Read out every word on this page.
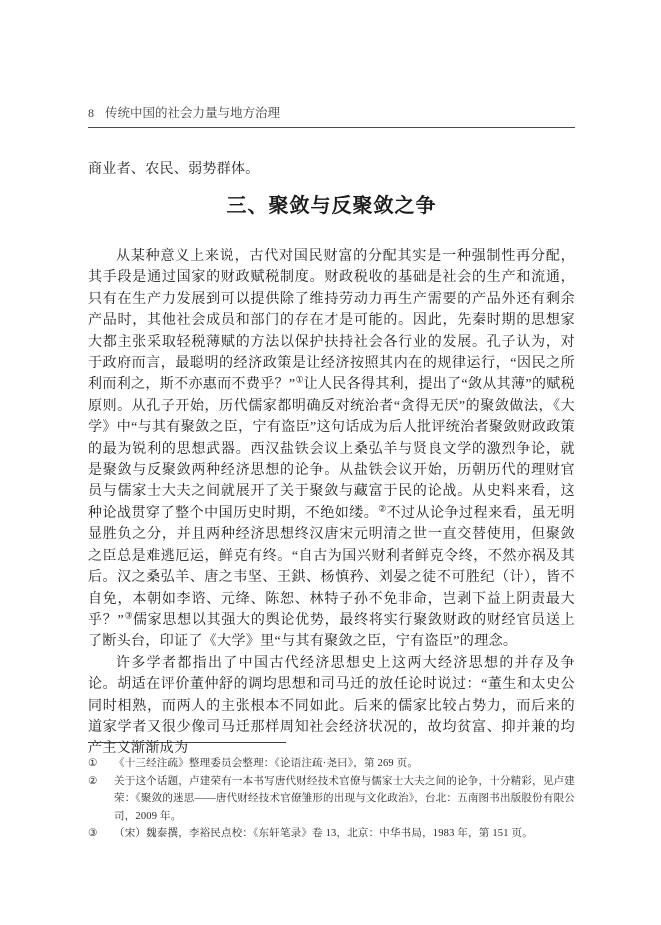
8 传统中国的社会力量与地方治理

商业者、农民、弱势群体。

三、聚敛与反聚敛之争

从某种意义上来说，古代对国民财富的分配其实是一种强制性再分配，其手段是通过国家的财政赋税制度。财政税收的基础是社会的生产和流通，只有在生产力发展到可以提供除了维持劳动力再生产需要的产品外还有剩余产品时，其他社会成员和部门的存在才是可能的。因此，先秦时期的思想家大都主张采取轻税薄赋的方法以保护扶持社会各行业的发展。孔子认为，对于政府而言，最聪明的经济政策是让经济按照其内在的规律运行，“因民之所利而利之，斯不亦惠而不费乎？”①让人民各得其利，提出了“敛从其薄”的赋税原则。从孔子开始，历代儒家都明确反对统治者“贪得无厌”的聚敛做法，《大学》中“与其有聚敛之臣，宁有盗臣”这句话成为后人批评统治者聚敛财政政策的最为锐利的思想武器。西汉盐铁会议上桑弘羊与贤良文学的激烈争论，就是聚敛与反聚敛两种经济思想的论争。从盐铁会议开始，历朝历代的理财官员与儒家士大夫之间就展开了关于聚敛与藏富于民的论战。从史料来看，这种论战贯穿了整个中国历史时期，不绝如缕。②不过从论争过程来看，虽无明显胜负之分，并且两种经济思想终汉唐宋元明清之世一直交替使用，但聚敛之臣总是难逃厄运，鲜克有终。“自古为国兴财利者鲜克令终，不然亦祸及其后。汉之桑弘羊、唐之韦坚、王鉷、杨慎矜、刘晏之徒不可胜纪（计），皆不自免，本朝如李谘、元绛、陈恕、林特子孙不免非命，岂剥下益上阴责最大乎？”③儒家思想以其强大的舆论优势，最终将实行聚敛财政的财经官员送上了断头台，印证了《大学》里“与其有聚敛之臣，宁有盗臣”的理念。

许多学者都指出了中国古代经济思想史上这两大经济思想的并存及争论。胡适在评价董仲舒的调均思想和司马迁的放任论时说过：“董生和太史公同时相熟，而两人的主张根本不同如此。后来的儒家比较占势力，而后来的道家学者又很少像司马迁那样周知社会经济状况的，故均贫富、抑并兼的均产主义渐渐成为

①	《十三经注疏》整理委员会整理：《论语注疏·尧曰》，第 269 页。
②	关于这个话题，卢建荣有一本书写唐代财经技术官僚与儒家士大夫之间的论争，十分精彩，见卢建荣：《聚敛的迷思——唐代财经技术官僚雏形的出现与文化政治》，台北：五南图书出版股份有限公司，2009 年。
③	（宋）魏泰撰，李裕民点校：《东轩笔录》卷 13，北京：中华书局，1983 年，第 151 页。
